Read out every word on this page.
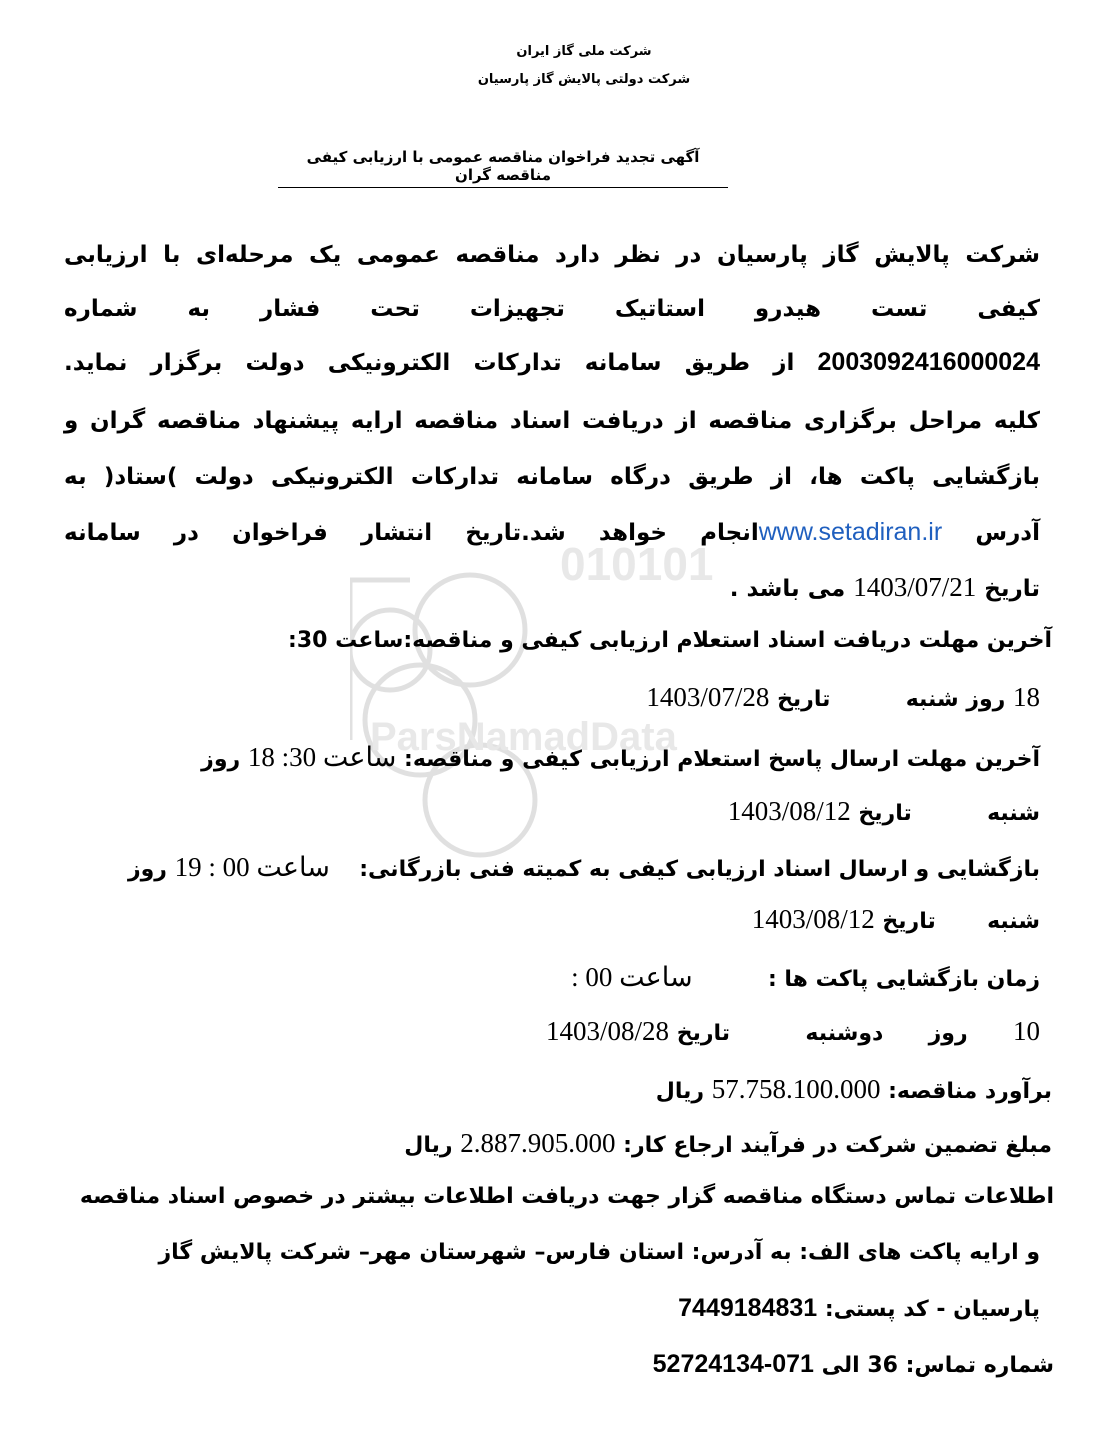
شرکت ملی گاز ایران
شرکت دولتی پالایش گاز پارسیان
آگهی تجدید فراخوان مناقصه عمومی با ارزیابی کیفی مناقصه گران
010101
ParsNamadData
شرکت پالایش گاز پارسیان در نظر دارد مناقصه عمومی یک مرحله‌ای با ارزیابی
کیفی تست هیدرو استاتیک تجهیزات تحت فشار به شماره
2003092416000024 از طریق سامانه تدارکات الکترونیکی دولت برگزار نماید.
کلیه مراحل برگزاری مناقصه از دریافت اسناد مناقصه ارایه پیشنهاد مناقصه گران و
بازگشایی پاکت ها، از طریق درگاه سامانه تدارکات الکترونیکی دولت )ستاد( به
آدرس www.setadiran.irانجام خواهد شد.تاریخ انتشار فراخوان در سامانه
تاریخ 1403/07/21 می باشد .
آخرین مهلت دریافت اسناد استعلام ارزیابی کیفی و مناقصه:ساعت 30:
18 روز شنبه  تاریخ 1403/07/28
آخرین مهلت ارسال پاسخ استعلام ارزیابی کیفی و مناقصه: ساعت 30: 18 روز
شنبه  تاریخ 1403/08/12
بازگشایی و ارسال اسناد ارزیابی کیفی به کمیته فنی بازرگانی:  ساعت 00 : 19 روز
شنبه  تاریخ 1403/08/12
زمان بازگشایی پاکت ها :  ساعت 00 :
10  روز  دوشنبه  تاریخ 1403/08/28
برآورد مناقصه: 57.758.100.000 ریال
مبلغ تضمین شرکت در فرآیند ارجاع کار: 2.887.905.000 ریال
اطلاعات تماس دستگاه مناقصه گزار جهت دریافت اطلاعات بیشتر در خصوص اسناد مناقصه
و ارایه پاکت های الف: به آدرس: استان فارس– شهرستان مهر– شرکت پالایش گاز
پارسیان - کد پستی: 7449184831
شماره تماس: 36 الی 52724134-071
